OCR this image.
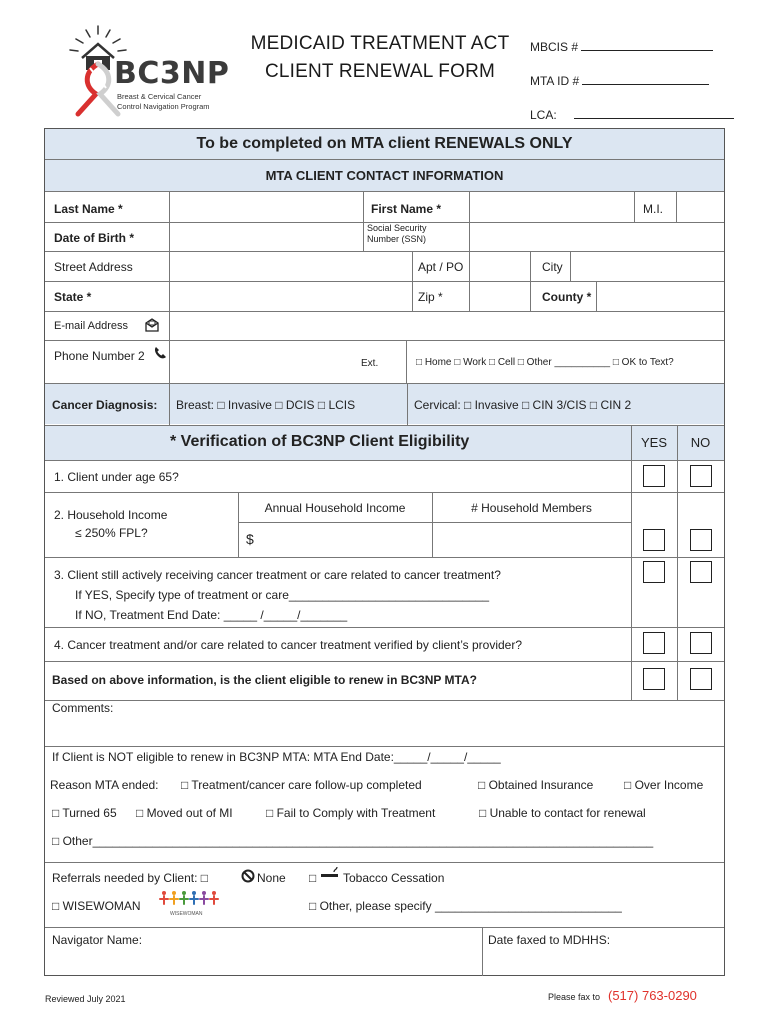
BC3NP
Breast & Cervical Cancer
Control Navigation Program
MEDICAID TREATMENT ACT
CLIENT RENEWAL FORM
MBCIS #
MTA ID #
LCA:
To be completed on MTA client RENEWALS ONLY
MTA CLIENT CONTACT INFORMATION
Last Name *	First Name *	M.I.
Date of Birth *
Social Security
Number (SSN)
Street Address	Apt / PO	City
State *	Zip *	County *
E-mail Address
Phone Number 2
Ext.	□ Home □ Work □ Cell □ Other __________ □ OK to Text?
Cancer Diagnosis: Breast: □ Invasive □ DCIS □ LCIS	Cervical: □ Invasive □ CIN 3/CIS □ CIN 2
* Verification of BC3NP Client Eligibility	YES	NO
1. Client under age 65?
2. Household Income
≤ 250% FPL?
Annual Household Income	# Household Members
$
3. Client still actively receiving cancer treatment or care related to cancer treatment?
If YES, Specify type of treatment or care______________________________
If NO, Treatment End Date: _____ /_____/_______
4. Cancer treatment and/or care related to cancer treatment verified by client’s provider?
Based on above information, is the client eligible to renew in BC3NP MTA?
Comments:
If Client is NOT eligible to renew in BC3NP MTA: MTA End Date:_____/_____/_____
Reason MTA ended: □ Treatment/cancer care follow-up completed	□ Obtained Insurance	□ Over Income
□ Turned 65 □ Moved out of MI	□ Fail to Comply with Treatment	□ Unable to contact for renewal
□ Other____________________________________________________________________________________
Referrals needed by Client: □	None □ Tobacco Cessation
□ WISEWOMAN
WISEWOMAN
□ Other, please specify ____________________________
Navigator Name:	Date faxed to MDHHS:
Reviewed July 2021	Please fax to (517) 763-0290
